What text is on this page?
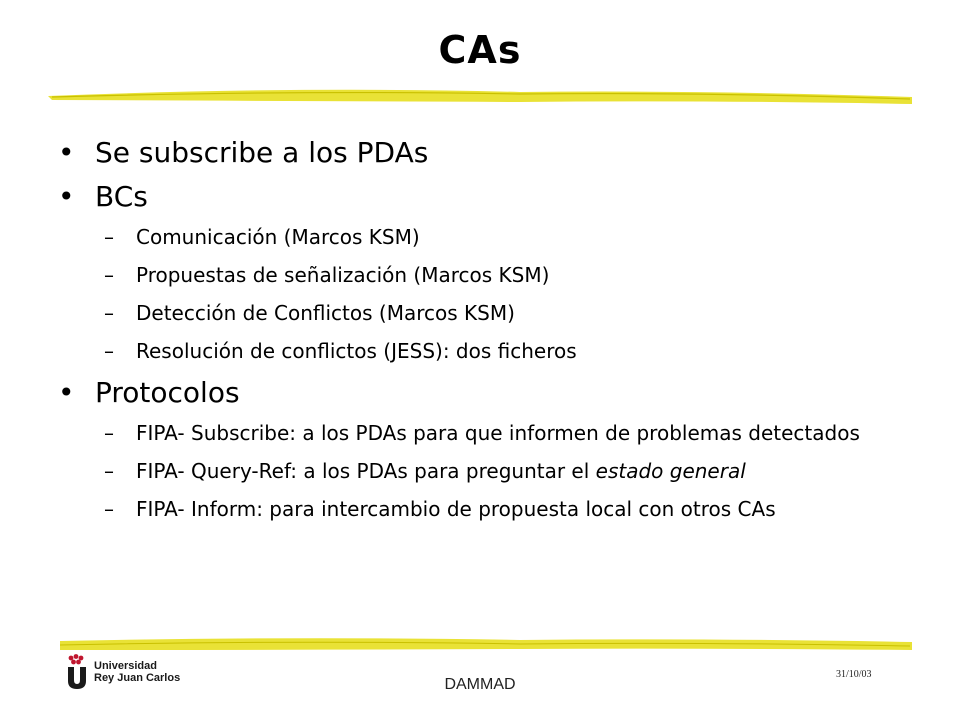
CAs
• Se subscribe a los PDAs
• BCs
– Comunicación (Marcos KSM)
– Propuestas de señalización (Marcos KSM)
– Detección de Conflictos (Marcos KSM)
– Resolución de conflictos (JESS): dos ficheros
• Protocolos
– FIPA- Subscribe: a los PDAs para que informen de problemas detectados
– FIPA- Query-Ref: a los PDAs para preguntar el estado general
– FIPA- Inform: para intercambio de propuesta local con otros CAs
Universidad
Rey Juan Carlos	DAMMAD
31/10/03
